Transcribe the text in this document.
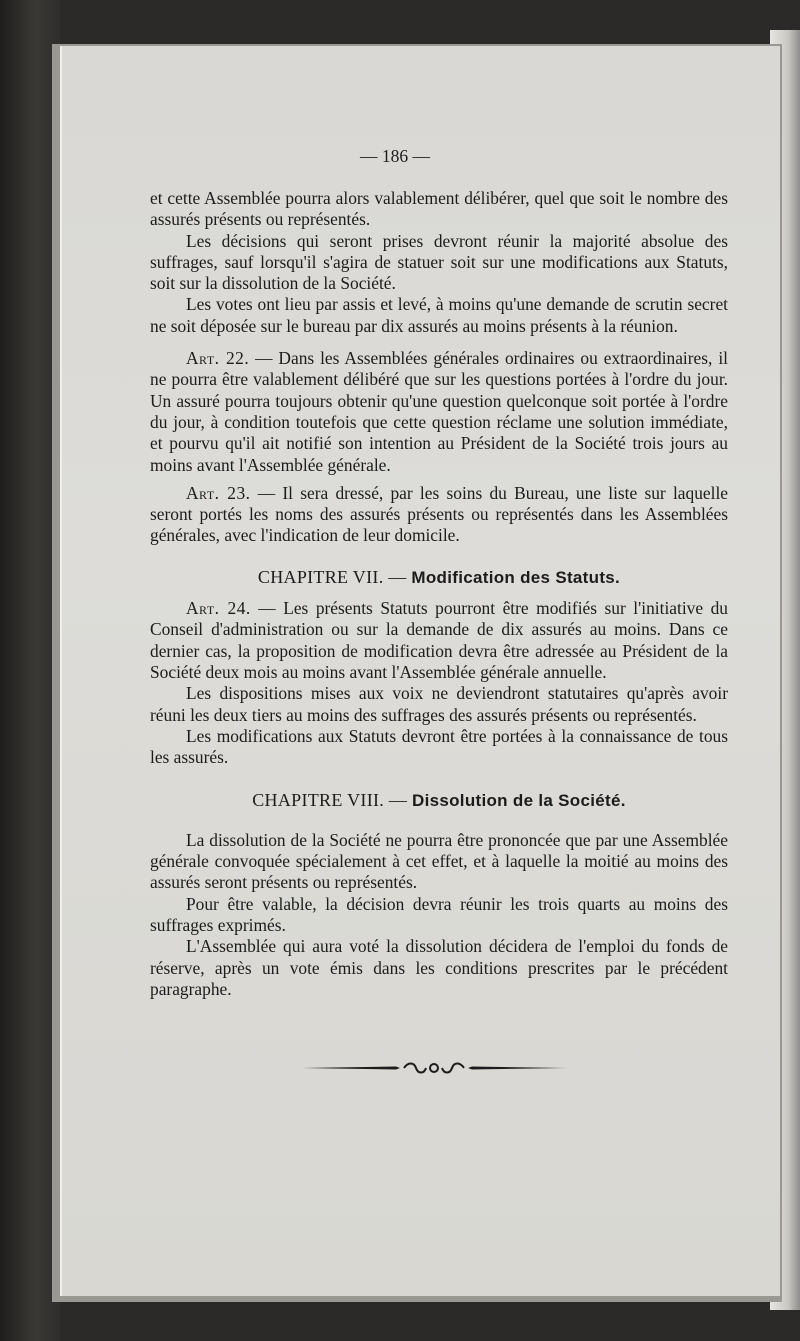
— 186 —

et cette Assemblée pourra alors valablement délibérer, quel que soit le nombre des assurés présents ou représentés.

Les décisions qui seront prises devront réunir la majorité absolue des suffrages, sauf lorsqu'il s'agira de statuer soit sur une modifications aux Statuts, soit sur la dissolution de la Société.

Les votes ont lieu par assis et levé, à moins qu'une demande de scrutin secret ne soit déposée sur le bureau par dix assurés au moins présents à la réunion.

Art. 22. — Dans les Assemblées générales ordinaires ou extraordinaires, il ne pourra être valablement délibéré que sur les questions portées à l'ordre du jour. Un assuré pourra toujours obtenir qu'une question quelconque soit portée à l'ordre du jour, à condition toutefois que cette question réclame une solution immédiate, et pourvu qu'il ait notifié son intention au Président de la Société trois jours au moins avant l'Assemblée générale.

Art. 23. — Il sera dressé, par les soins du Bureau, une liste sur laquelle seront portés les noms des assurés présents ou représentés dans les Assemblées générales, avec l'indication de leur domicile.

CHAPITRE VII. — Modification des Statuts.

Art. 24. — Les présents Statuts pourront être modifiés sur l'initiative du Conseil d'administration ou sur la demande de dix assurés au moins. Dans ce dernier cas, la proposition de modification devra être adressée au Président de la Société deux mois au moins avant l'Assemblée générale annuelle.

Les dispositions mises aux voix ne deviendront statutaires qu'après avoir réuni les deux tiers au moins des suffrages des assurés présents ou représentés.

Les modifications aux Statuts devront être portées à la connaissance de tous les assurés.

CHAPITRE VIII. — Dissolution de la Société.

La dissolution de la Société ne pourra être prononcée que par une Assemblée générale convoquée spécialement à cet effet, et à laquelle la moitié au moins des assurés seront présents ou représentés.

Pour être valable, la décision devra réunir les trois quarts au moins des suffrages exprimés.

L'Assemblée qui aura voté la dissolution décidera de l'emploi du fonds de réserve, après un vote émis dans les conditions prescrites par le précédent paragraphe.
